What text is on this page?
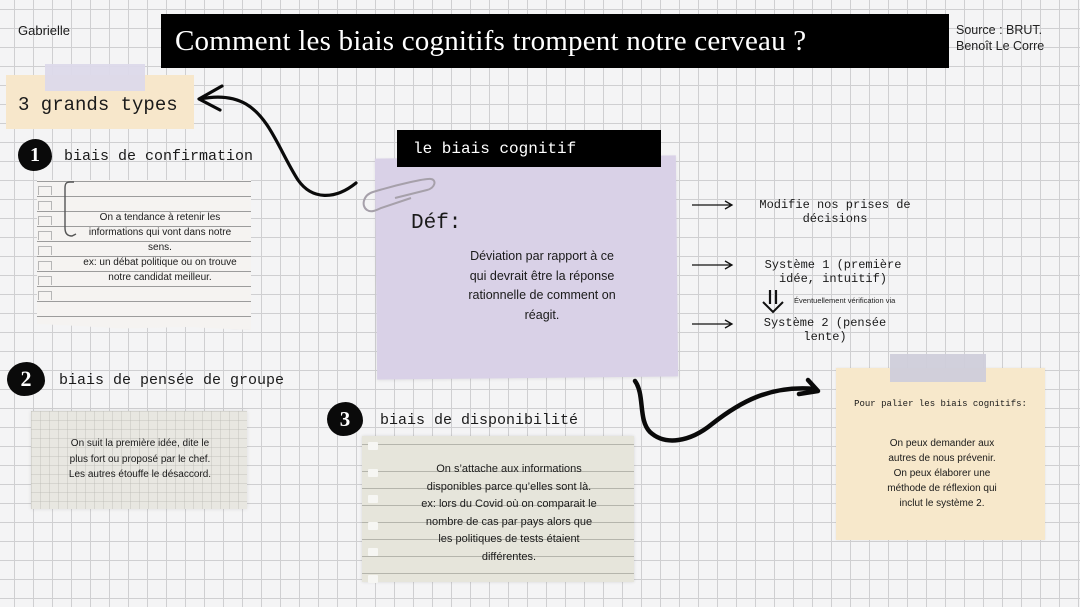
Gabrielle	Comment les biais cognitifs trompent notre cerveau ?	Source : BRUT.
Benoît Le Corre
3 grands types
1 biais de confirmation
On a tendance à retenir les
informations qui vont dans notre
sens.
ex: un débat politique ou on trouve
notre candidat meilleur.
2 biais de pensée de groupe
On suit la première idée, dite le
plus fort ou proposé par le chef.
Les autres étouffe le désaccord.
3 biais de disponibilité
On s’attache aux informations
disponibles parce qu’elles sont là.
ex: lors du Covid où on comparait le
nombre de cas par pays alors que
les politiques de tests étaient
différentes.
le biais cognitif
Déf:
Déviation par rapport à ce
qui devrait être la réponse
rationnelle de comment on
réagit.
Modifie nos prises de
décisions
Système 1 (première
idée, intuitif)
Éventuellement vérification via
Système 2 (pensée
lente)
Pour palier les biais cognitifs:
On peux demander aux
autres de nous prévenir.
On peux élaborer une
méthode de réflexion qui
inclut le système 2.
